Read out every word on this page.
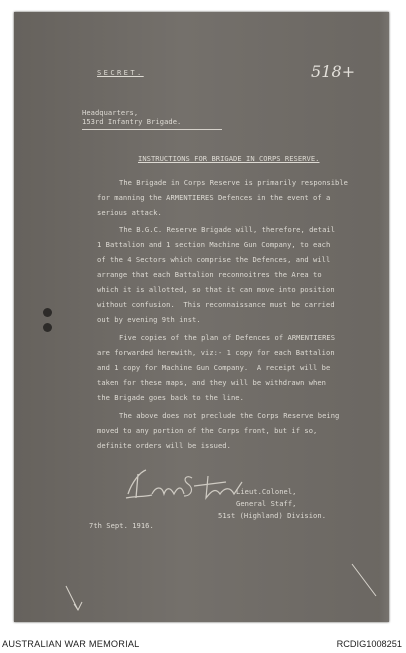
518+
SECRET.
Headquarters,
153rd Infantry Brigade.
INSTRUCTIONS FOR BRIGADE IN CORPS RESERVE.
The Brigade in Corps Reserve is primarily responsible
for manning the ARMENTIERES Defences in the event of a
serious attack.
The B.G.C. Reserve Brigade will, therefore, detail
1 Battalion and 1 section Machine Gun Company, to each
of the 4 Sectors which comprise the Defences, and will
arrange that each Battalion reconnoitres the Area to
which it is allotted, so that it can move into position
without confusion.  This reconnaissance must be carried
out by evening 9th inst.
Five copies of the plan of Defences of ARMENTIERES
are forwarded herewith, viz:- 1 copy for each Battalion
and 1 copy for Machine Gun Company.  A receipt will be
taken for these maps, and they will be withdrawn when
the Brigade goes back to the line.
The above does not preclude the Corps Reserve being
moved to any portion of the Corps front, but if so,
definite orders will be issued.
Lieut.Colonel,
General Staff,
51st (Highland) Division.
7th Sept. 1916.
AUSTRALIAN WAR MEMORIAL	RCDIG1008251
